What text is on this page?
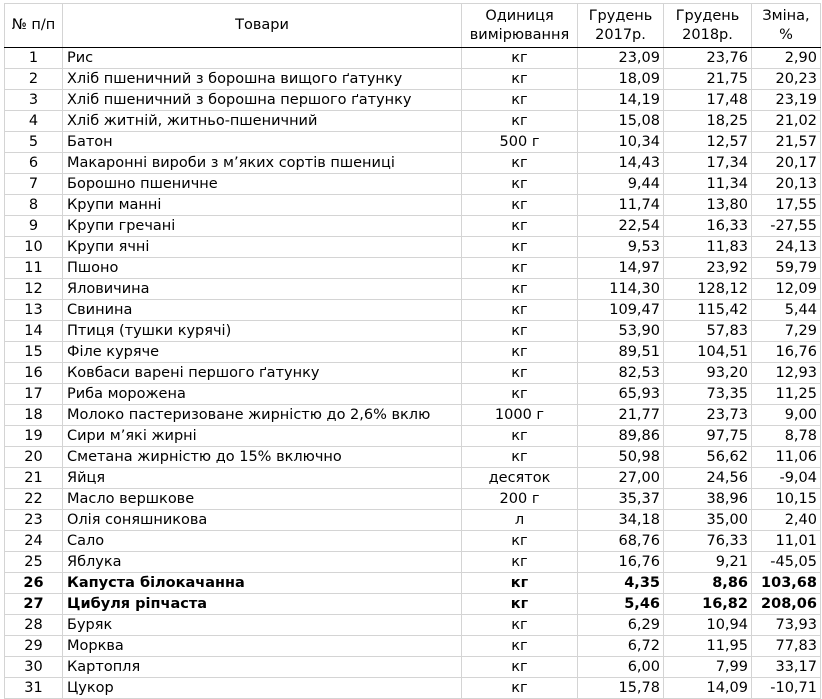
№ п/п	Товари	Одиниця вимірювання	Грудень 2017р.	Грудень 2018р.	Зміна, %
1	Рис	кг	23,09	23,76	2,90
2	Хліб пшеничний з борошна вищого ґатунку	кг	18,09	21,75	20,23
3	Хліб пшеничний з борошна першого ґатунку	кг	14,19	17,48	23,19
4	Хліб житній, житньо-пшеничний	кг	15,08	18,25	21,02
5	Батон	500 г	10,34	12,57	21,57
6	Макаронні вироби з м’яких сортів пшениці	кг	14,43	17,34	20,17
7	Борошно пшеничне	кг	9,44	11,34	20,13
8	Крупи манні	кг	11,74	13,80	17,55
9	Крупи гречані	кг	22,54	16,33	-27,55
10	Крупи ячні	кг	9,53	11,83	24,13
11	Пшоно	кг	14,97	23,92	59,79
12	Яловичина	кг	114,30	128,12	12,09
13	Свинина	кг	109,47	115,42	5,44
14	Птиця (тушки курячі)	кг	53,90	57,83	7,29
15	Філе куряче	кг	89,51	104,51	16,76
16	Ковбаси варені першого ґатунку	кг	82,53	93,20	12,93
17	Риба морожена	кг	65,93	73,35	11,25
18	Молоко пастеризоване жирністю до 2,6% вклю	1000 г	21,77	23,73	9,00
19	Сири м’які жирні	кг	89,86	97,75	8,78
20	Сметана жирністю до 15% включно	кг	50,98	56,62	11,06
21	Яйця	десяток	27,00	24,56	-9,04
22	Масло вершкове	200 г	35,37	38,96	10,15
23	Олія соняшникова	л	34,18	35,00	2,40
24	Сало	кг	68,76	76,33	11,01
25	Яблука	кг	16,76	9,21	-45,05
26	Капуста білокачанна	кг	4,35	8,86	103,68
27	Цибуля ріпчаста	кг	5,46	16,82	208,06
28	Буряк	кг	6,29	10,94	73,93
29	Морква	кг	6,72	11,95	77,83
30	Картопля	кг	6,00	7,99	33,17
31	Цукор	кг	15,78	14,09	-10,71
